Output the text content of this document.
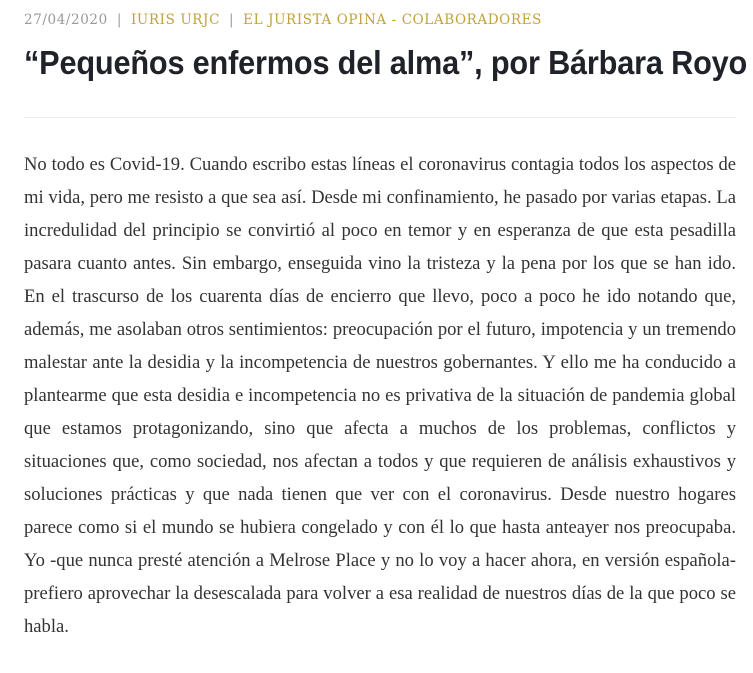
27/04/2020 | IURIS URJC | EL JURISTA OPINA - COLABORADORES
“Pequeños enfermos del alma”, por Bárbara Royo

No todo es Covid-19. Cuando escribo estas líneas el coronavirus contagia todos los aspectos de mi vida, pero me resisto a que sea así. Desde mi confinamiento, he pasado por varias etapas. La incredulidad del principio se convirtió al poco en temor y en esperanza de que esta pesadilla pasara cuanto antes. Sin embargo, enseguida vino la tristeza y la pena por los que se han ido. En el trascurso de los cuarenta días de encierro que llevo, poco a poco he ido notando que, además, me asolaban otros sentimientos: preocupación por el futuro, impotencia y un tremendo malestar ante la desidia y la incompetencia de nuestros gobernantes. Y ello me ha conducido a plantearme que esta desidia e incompetencia no es privativa de la situación de pandemia global que estamos protagonizando, sino que afecta a muchos de los problemas, conflictos y situaciones que, como sociedad, nos afectan a todos y que requieren de análisis exhaustivos y soluciones prácticas y que nada tienen que ver con el coronavirus. Desde nuestro hogares parece como si el mundo se hubiera congelado y con él lo que hasta anteayer nos preocupaba. Yo -que nunca presté atención a Melrose Place y no lo voy a hacer ahora, en versión española- prefiero aprovechar la desescalada para volver a esa realidad de nuestros días de la que poco se habla.
